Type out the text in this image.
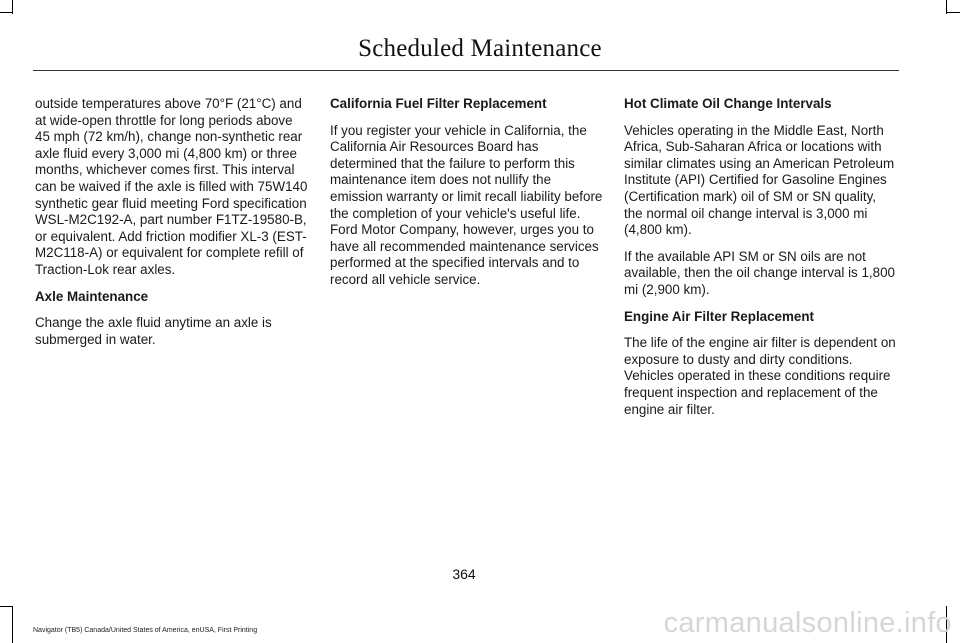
Scheduled Maintenance

outside temperatures above 70°F (21°C) and at wide-open throttle for long periods above 45 mph (72 km/h), change non-synthetic rear axle fluid every 3,000 mi (4,800 km) or three months, whichever comes first. This interval can be waived if the axle is filled with 75W140 synthetic gear fluid meeting Ford specification WSL-M2C192-A, part number F1TZ-19580-B, or equivalent. Add friction modifier XL-3 (EST-M2C118-A) or equivalent for complete refill of Traction-Lok rear axles.

Axle Maintenance

Change the axle fluid anytime an axle is submerged in water.

California Fuel Filter Replacement

If you register your vehicle in California, the California Air Resources Board has determined that the failure to perform this maintenance item does not nullify the emission warranty or limit recall liability before the completion of your vehicle's useful life. Ford Motor Company, however, urges you to have all recommended maintenance services performed at the specified intervals and to record all vehicle service.

Hot Climate Oil Change Intervals

Vehicles operating in the Middle East, North Africa, Sub-Saharan Africa or locations with similar climates using an American Petroleum Institute (API) Certified for Gasoline Engines (Certification mark) oil of SM or SN quality, the normal oil change interval is 3,000 mi (4,800 km).

If the available API SM or SN oils are not available, then the oil change interval is 1,800 mi (2,900 km).

Engine Air Filter Replacement

The life of the engine air filter is dependent on exposure to dusty and dirty conditions. Vehicles operated in these conditions require frequent inspection and replacement of the engine air filter.

364
Navigator (TB5) Canada/United States of America, enUSA, First Printing	carmanualsonline.info
